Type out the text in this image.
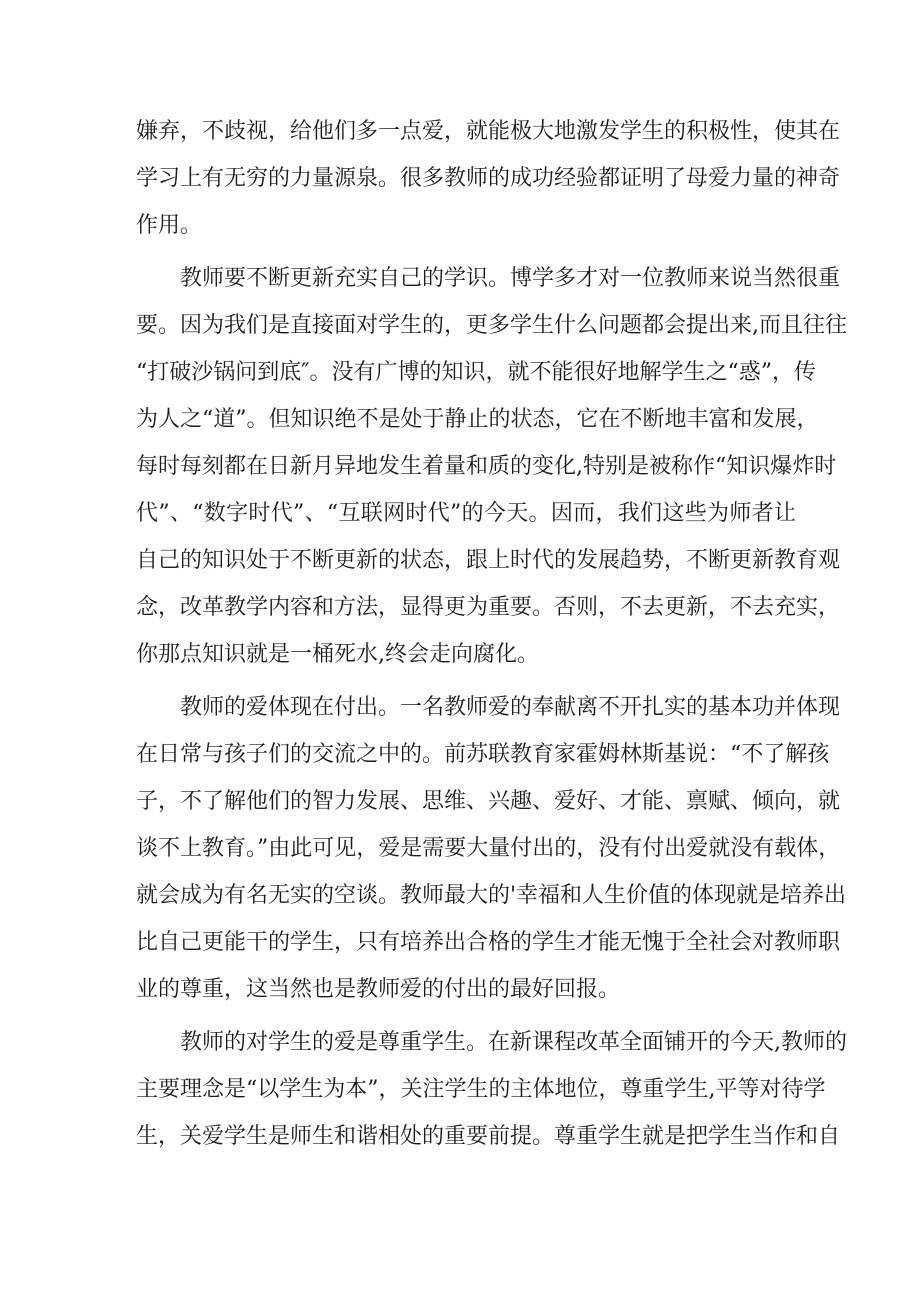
嫌弃，不歧视，给他们多一点爱，就能极大地激发学生的积极性，使其在

学习上有无穷的力量源泉。很多教师的成功经验都证明了母爱力量的神奇

作用。

教师要不断更新充实自己的学识。博学多才对一位教师来说当然很重

要。因为我们是直接面对学生的，更多学生什么问题都会提出来,而且往往

“打破沙锅问到底″。没有广博的知识，就不能很好地解学生之“惑”，传

为人之“道”。但知识绝不是处于静止的状态，它在不断地丰富和发展，

每时每刻都在日新月异地发生着量和质的变化,特别是被称作“知识爆炸时

代”、“数字时代”、“互联网时代”的今天。因而，我们这些为师者让

自己的知识处于不断更新的状态，跟上时代的发展趋势，不断更新教育观

念，改革教学内容和方法，显得更为重要。否则，不去更新，不去充实，

你那点知识就是一桶死水,终会走向腐化。

教师的爱体现在付出。一名教师爱的奉献离不开扎实的基本功并体现

在日常与孩子们的交流之中的。前苏联教育家霍姆林斯基说：“不了解孩

子，不了解他们的智力发展、思维、兴趣、爱好、才能、禀赋、倾向，就

谈不上教育。”由此可见，爱是需要大量付出的，没有付出爱就没有载体，

就会成为有名无实的空谈。教师最大的'幸福和人生价值的体现就是培养出

比自己更能干的学生，只有培养出合格的学生才能无愧于全社会对教师职

业的尊重，这当然也是教师爱的付出的最好回报。

教师的对学生的爱是尊重学生。在新课程改革全面铺开的今天,教师的

主要理念是“以学生为本”，关注学生的主体地位，尊重学生,平等对待学

生，关爱学生是师生和谐相处的重要前提。尊重学生就是把学生当作和自
